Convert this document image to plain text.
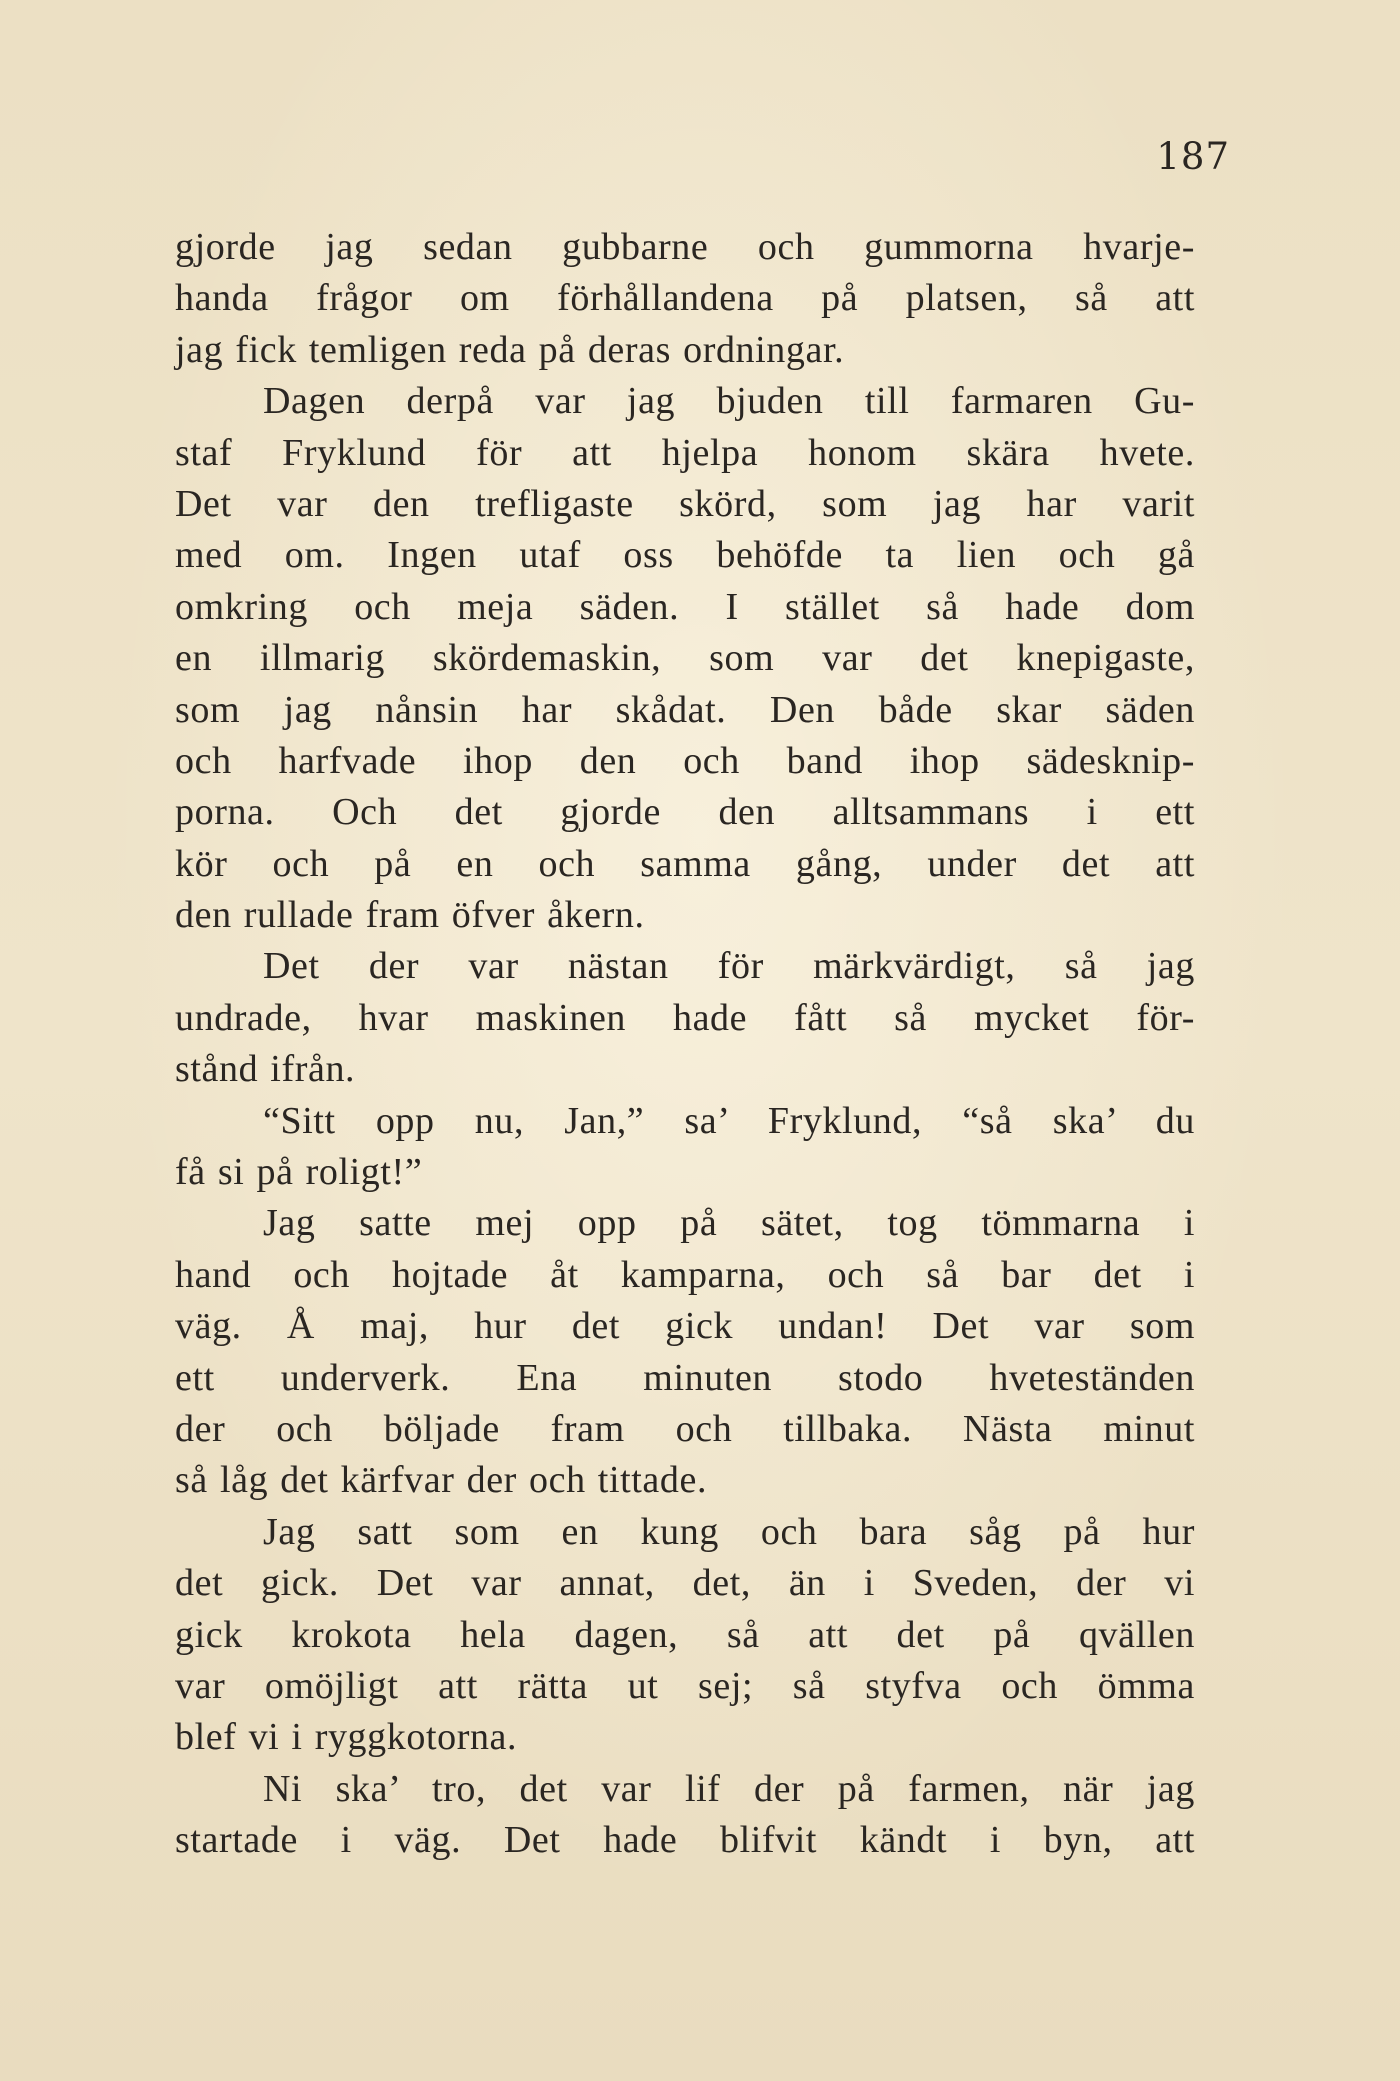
187
gjorde jag sedan gubbarne och gummorna hvarje-
handa frågor om förhållandena på platsen, så att
jag fick temligen reda på deras ordningar.
Dagen derpå var jag bjuden till farmaren Gu-
staf Fryklund för att hjelpa honom skära hvete.
Det var den trefligaste skörd, som jag har varit
med om. Ingen utaf oss behöfde ta lien och gå
omkring och meja säden. I stället så hade dom
en illmarig skördemaskin, som var det knepigaste,
som jag nånsin har skådat. Den både skar säden
och harfvade ihop den och band ihop sädesknip-
porna. Och det gjorde den alltsammans i ett
kör och på en och samma gång, under det att
den rullade fram öfver åkern.
Det der var nästan för märkvärdigt, så jag
undrade, hvar maskinen hade fått så mycket för-
stånd ifrån.
“Sitt opp nu, Jan,” sa’ Fryklund, “så ska’ du
få si på roligt!”
Jag satte mej opp på sätet, tog tömmarna i
hand och hojtade åt kamparna, och så bar det i
väg. Å maj, hur det gick undan! Det var som
ett underverk. Ena minuten stodo hveteständen
der och böljade fram och tillbaka. Nästa minut
så låg det kärfvar der och tittade.
Jag satt som en kung och bara såg på hur
det gick. Det var annat, det, än i Sveden, der vi
gick krokota hela dagen, så att det på qvällen
var omöjligt att rätta ut sej; så styfva och ömma
blef vi i ryggkotorna.
Ni ska’ tro, det var lif der på farmen, när jag
startade i väg. Det hade blifvit kändt i byn, att
